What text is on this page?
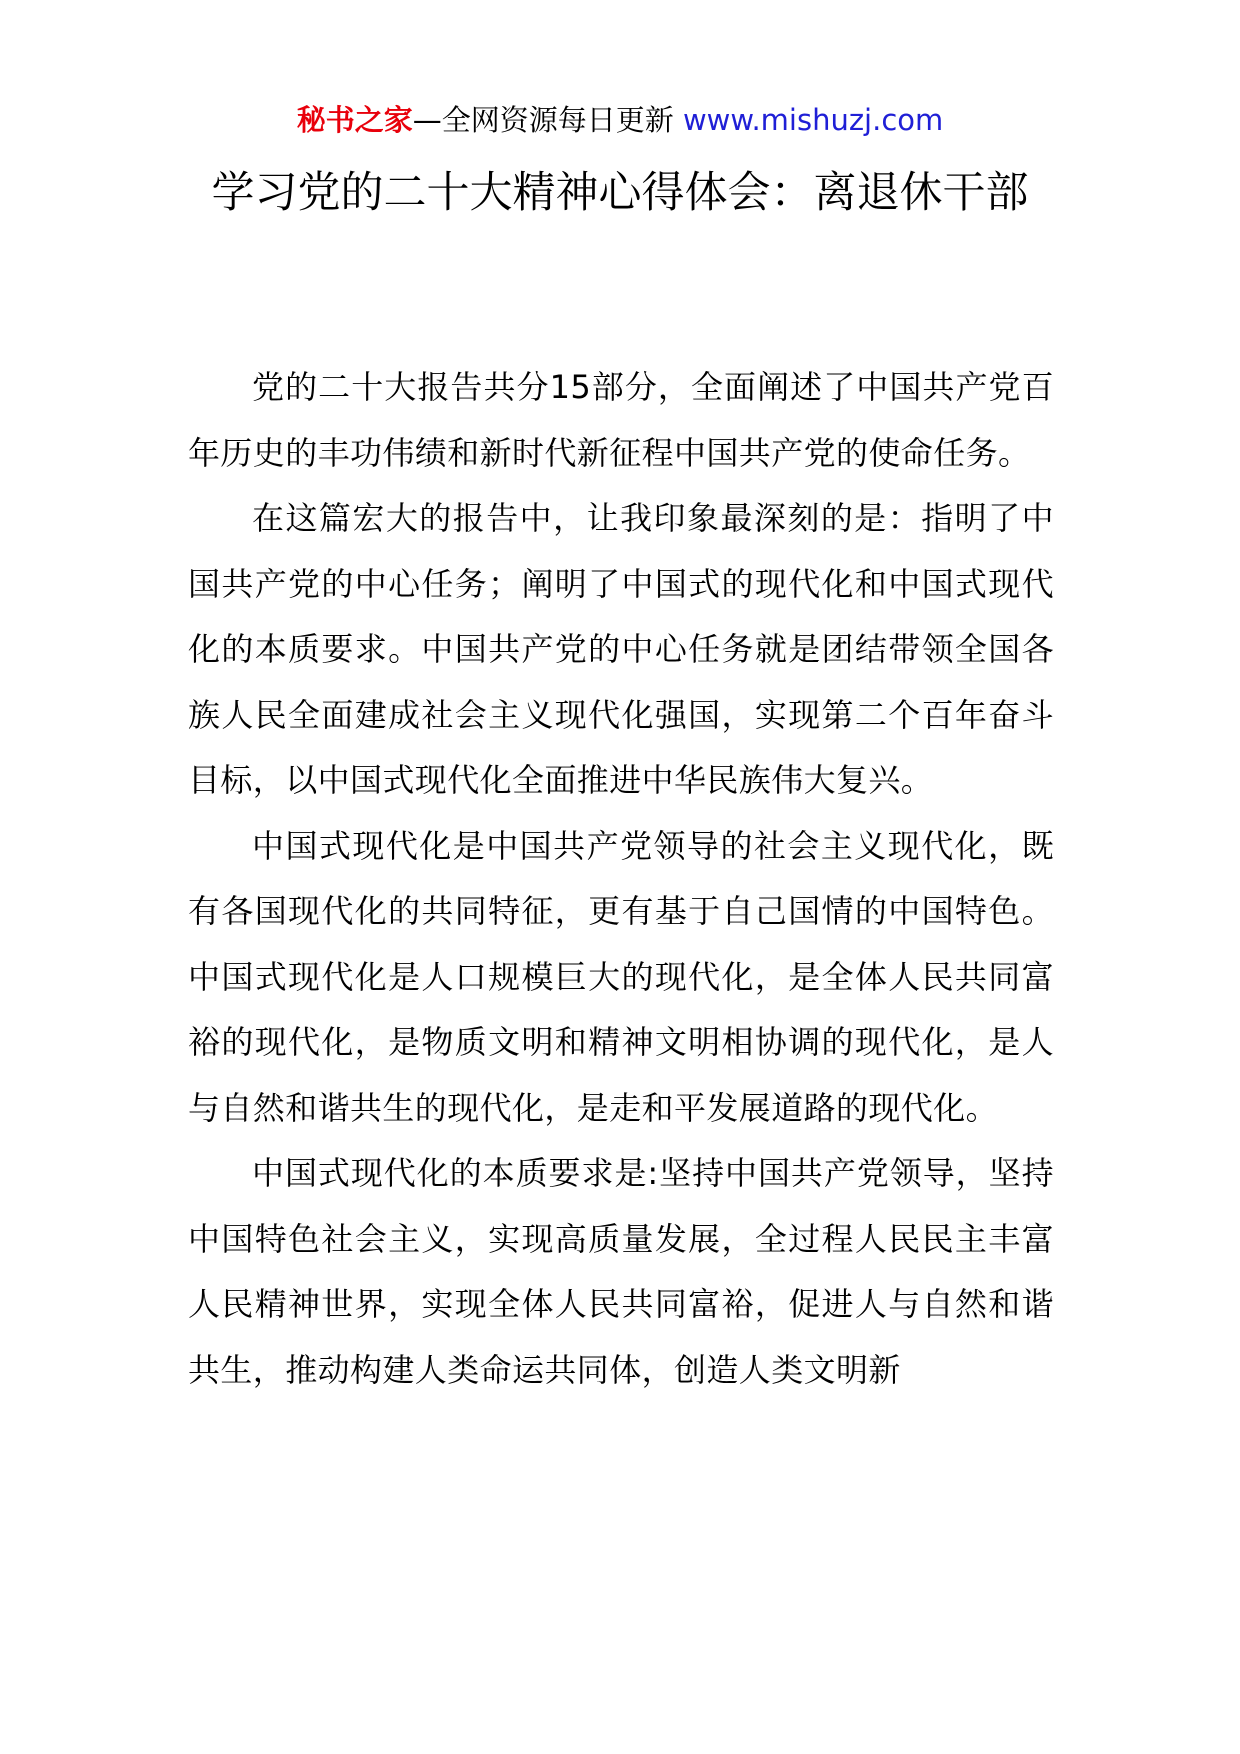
秘书之家—全网资源每日更新 www.mishuzj.com
学习党的二十大精神心得体会：离退休干部

党的二十大报告共分15部分，全面阐述了中国共产党百年历史的丰功伟绩和新时代新征程中国共产党的使命任务。

在这篇宏大的报告中，让我印象最深刻的是：指明了中国共产党的中心任务；阐明了中国式的现代化和中国式现代化的本质要求。中国共产党的中心任务就是团结带领全国各族人民全面建成社会主义现代化强国，实现第二个百年奋斗目标，以中国式现代化全面推进中华民族伟大复兴。

中国式现代化是中国共产党领导的社会主义现代化，既有各国现代化的共同特征，更有基于自己国情的中国特色。中国式现代化是人口规模巨大的现代化，是全体人民共同富裕的现代化，是物质文明和精神文明相协调的现代化，是人与自然和谐共生的现代化，是走和平发展道路的现代化。

中国式现代化的本质要求是:坚持中国共产党领导，坚持中国特色社会主义，实现高质量发展，全过程人民民主丰富人民精神世界，实现全体人民共同富裕，促进人与自然和谐共生，推动构建人类命运共同体，创造人类文明新
